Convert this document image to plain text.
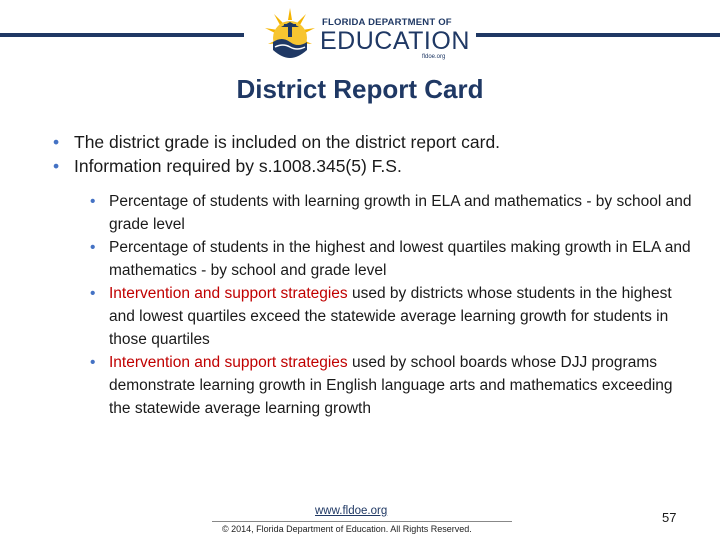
FLORIDA DEPARTMENT OF
EDUCATION
fldoe.org
District Report Card
• The district grade is included on the district report card.
• Information required by s.1008.345(5) F.S.
• Percentage of students with learning growth in ELA and mathematics - by school and grade level
• Percentage of students in the highest and lowest quartiles making growth in ELA and mathematics - by school and grade level
• Intervention and support strategies used by districts whose students in the highest and lowest quartiles exceed the statewide average learning growth for students in those quartiles
• Intervention and support strategies used by school boards whose DJJ programs demonstrate learning growth in English language arts and mathematics exceeding the statewide average learning growth
www.fldoe.org
© 2014, Florida Department of Education. All Rights Reserved.
57
